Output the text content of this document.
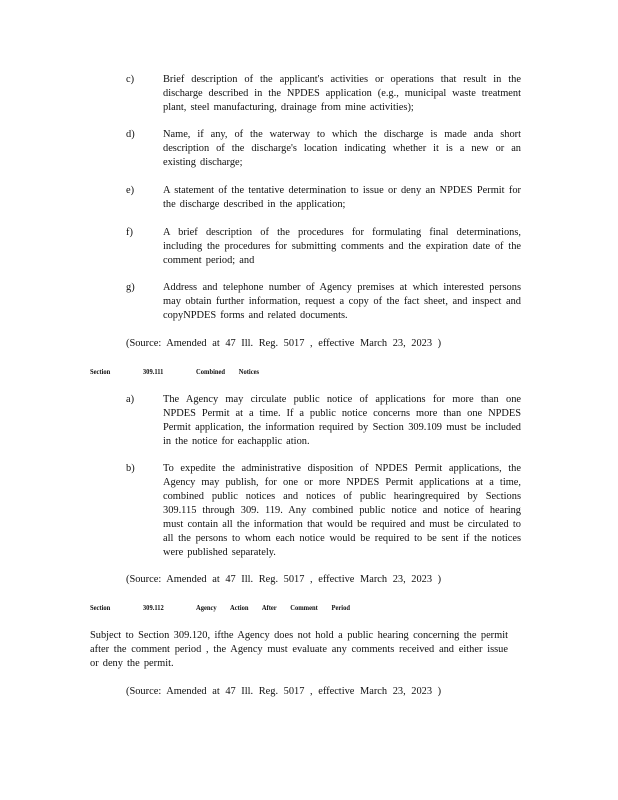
c)	Brief description of the applicant's activities or operations that result in the discharge described in the NPDES application (e.g., municipal waste treatment plant, steel manufacturing, drainage from mine activities);
d)	Name, if any, of the waterway to which the discharge is made anda short description of the discharge's location indicating whether it is a new or an existing discharge;
e)	A statement of the tentative determination to issue or deny an NPDES Permit for the discharge described in the application;
f)	A brief description of the procedures for formulating final determinations, including the procedures for submitting comments and the expiration date of the comment period; and
g)	Address and telephone number of Agency premises at which interested persons may obtain further information, request a copy of the fact sheet, and inspect and copyNPDES forms and related documents.
(Source: Amended at 47 Ill. Reg. 5017 , effective March 23, 2023 )
Section	309.111	Combined Notices
a)	The Agency may circulate public notice of applications for more than one NPDES Permit at a time. If a public notice concerns more than one NPDES Permit application, the information required by Section 309.109 must be included in the notice for eachapplic ation.
b)	To expedite the administrative disposition of NPDES Permit applications, the Agency may publish, for one or more NPDES Permit applications at a time, combined public notices and notices of public hearingrequired by Sections 309.115 through 309. 119. Any combined public notice and notice of hearing must contain all the information that would be required and must be circulated to all the persons to whom each notice would be required to be sent if the notices were published separately.
(Source: Amended at 47 Ill. Reg. 5017 , effective March 23, 2023 )
Section	309.112	Agency Action After Comment Period
Subject to Section 309.120, ifthe Agency does not hold a public hearing concerning the permit after the comment period , the Agency must evaluate any comments received and either issue or deny the permit.
(Source: Amended at 47 Ill. Reg. 5017 , effective March 23, 2023 )
